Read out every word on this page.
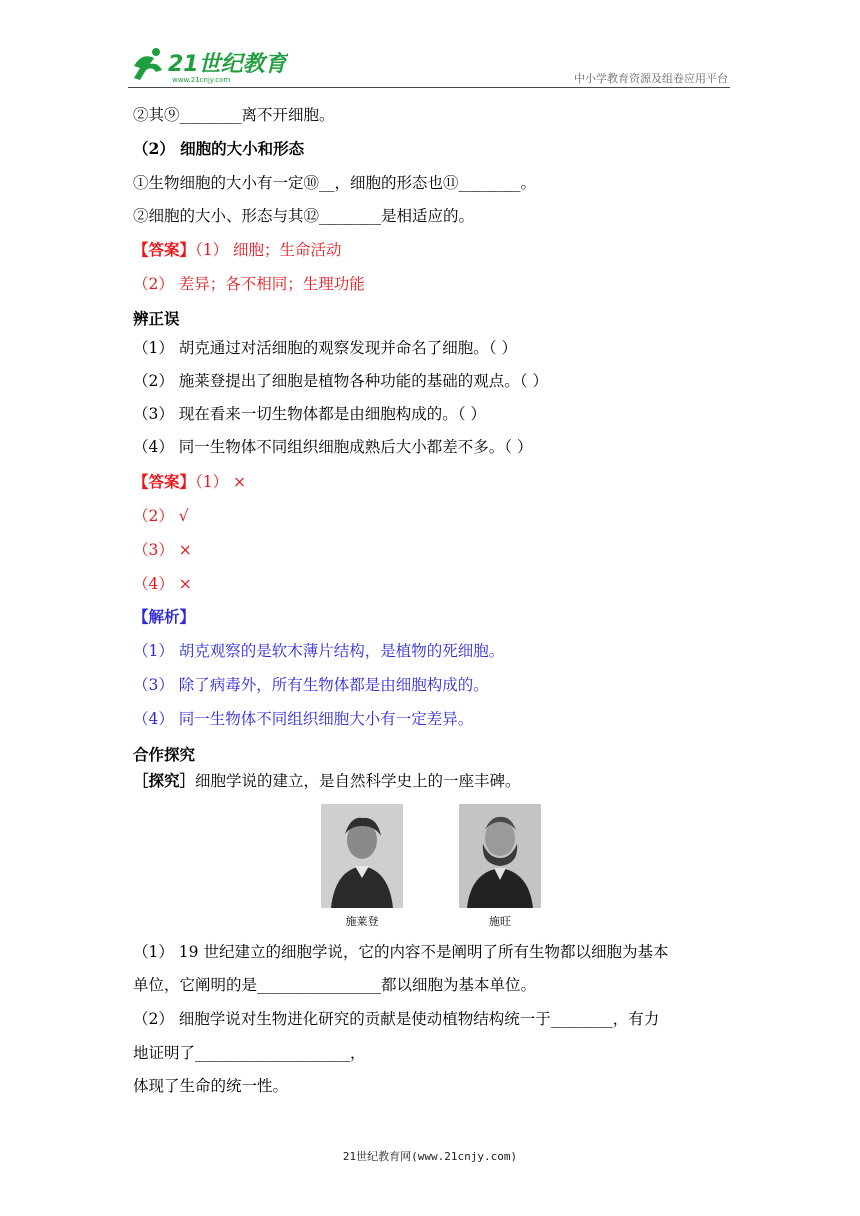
21世纪教育
www.21cnjy.com	中小学教育资源及组卷应用平台
②其⑨________离不开细胞。
（2） 细胞的大小和形态
①生物细胞的大小有一定⑩__，细胞的形态也⑪________。
②细胞的大小、形态与其⑫________是相适应的。
【答案】（1） 细胞；生命活动
（2） 差异；各不相同；生理功能
辨正误
（1） 胡克通过对活细胞的观察发现并命名了细胞。（ ）
（2） 施莱登提出了细胞是植物各种功能的基础的观点。（ ）
（3） 现在看来一切生物体都是由细胞构成的。（ ）
（4） 同一生物体不同组织细胞成熟后大小都差不多。（ ）
【答案】（1） ×
（2） √
（3） ×
（4） ×
【解析】
（1） 胡克观察的是软木薄片结构，是植物的死细胞。
（3） 除了病毒外，所有生物体都是由细胞构成的。
（4） 同一生物体不同组织细胞大小有一定差异。
合作探究
［探究］细胞学说的建立，是自然科学史上的一座丰碑。
施莱登	施旺
（1） 19 世纪建立的细胞学说，它的内容不是阐明了所有生物都以细胞为基本
单位，它阐明的是________________都以细胞为基本单位。
（2） 细胞学说对生物进化研究的贡献是使动植物结构统一于________，有力
地证明了____________________，
体现了生命的统一性。
21世纪教育网(www.21cnjy.com)
